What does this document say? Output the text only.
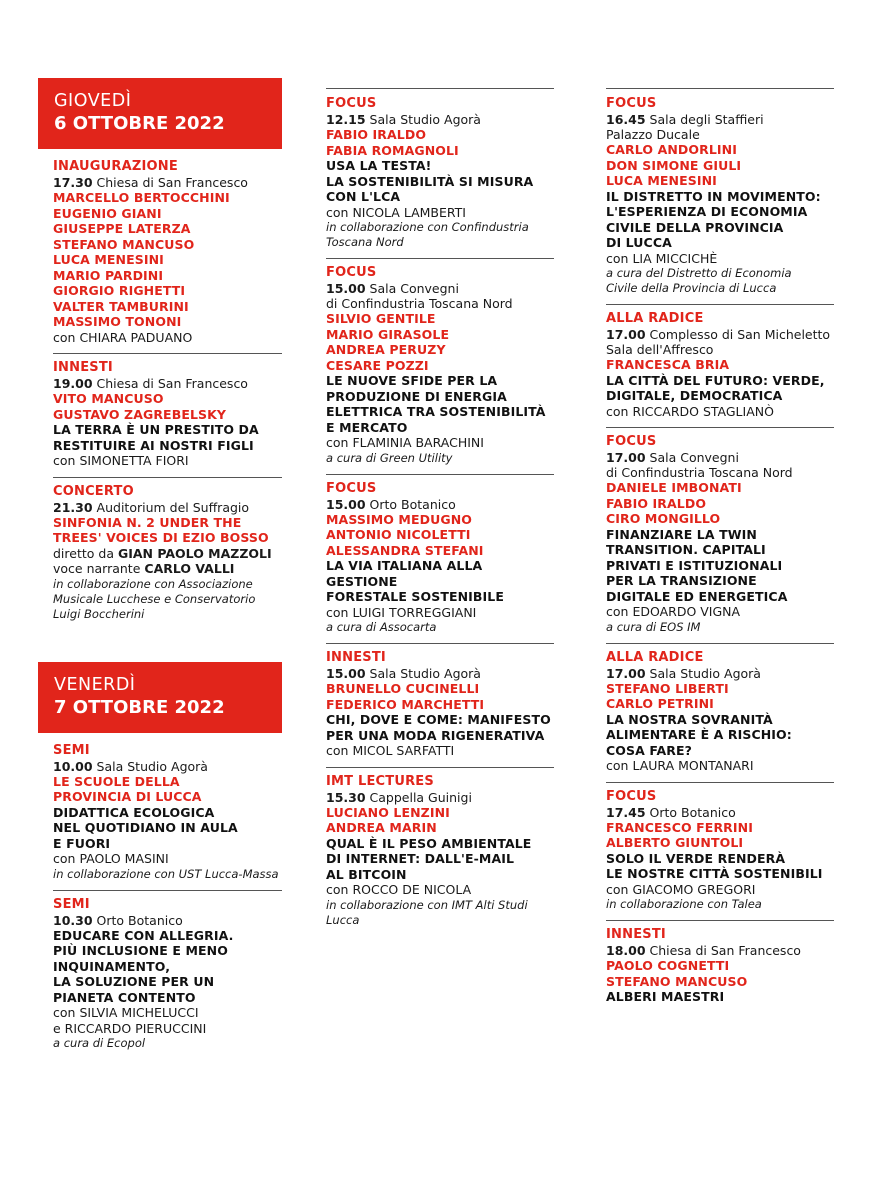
GIOVEDÌ
6 OTTOBRE 2022
INAUGURAZIONE
17.30 Chiesa di San Francesco
MARCELLO BERTOCCHINI
EUGENIO GIANI
GIUSEPPE LATERZA
STEFANO MANCUSO
LUCA MENESINI
MARIO PARDINI
GIORGIO RIGHETTI
VALTER TAMBURINI
MASSIMO TONONI
con CHIARA PADUANO
INNESTI
19.00 Chiesa di San Francesco
VITO MANCUSO
GUSTAVO ZAGREBELSKY
LA TERRA È UN PRESTITO DA
RESTITUIRE AI NOSTRI FIGLI
con SIMONETTA FIORI
CONCERTO
21.30 Auditorium del Suffragio
SINFONIA N. 2 UNDER THE
TREES' VOICES DI EZIO BOSSO
diretto da GIAN PAOLO MAZZOLI
voce narrante CARLO VALLI
in collaborazione con Associazione
Musicale Lucchese e Conservatorio
Luigi Boccherini
VENERDÌ
7 OTTOBRE 2022
SEMI
10.00 Sala Studio Agorà
LE SCUOLE DELLA
PROVINCIA DI LUCCA
DIDATTICA ECOLOGICA
NEL QUOTIDIANO IN AULA
E FUORI
con PAOLO MASINI
in collaborazione con UST Lucca-Massa
SEMI
10.30 Orto Botanico
EDUCARE CON ALLEGRIA.
PIÙ INCLUSIONE E MENO
INQUINAMENTO,
LA SOLUZIONE PER UN
PIANETA CONTENTO
con SILVIA MICHELUCCI
e RICCARDO PIERUCCINI
a cura di Ecopol
FOCUS
12.15 Sala Studio Agorà
FABIO IRALDO
FABIA ROMAGNOLI
USA LA TESTA!
LA SOSTENIBILITÀ SI MISURA
CON L'LCA
con NICOLA LAMBERTI
in collaborazione con Confindustria
Toscana Nord
FOCUS
15.00 Sala Convegni
di Confindustria Toscana Nord
SILVIO GENTILE
MARIO GIRASOLE
ANDREA PERUZY
CESARE POZZI
LE NUOVE SFIDE PER LA
PRODUZIONE DI ENERGIA
ELETTRICA TRA SOSTENIBILITÀ
E MERCATO
con FLAMINIA BARACHINI
a cura di Green Utility
FOCUS
15.00 Orto Botanico
MASSIMO MEDUGNO
ANTONIO NICOLETTI
ALESSANDRA STEFANI
LA VIA ITALIANA ALLA GESTIONE
FORESTALE SOSTENIBILE
con LUIGI TORREGGIANI
a cura di Assocarta
INNESTI
15.00 Sala Studio Agorà
BRUNELLO CUCINELLI
FEDERICO MARCHETTI
CHI, DOVE E COME: MANIFESTO
PER UNA MODA RIGENERATIVA
con MICOL SARFATTI
IMT LECTURES
15.30 Cappella Guinigi
LUCIANO LENZINI
ANDREA MARIN
QUAL È IL PESO AMBIENTALE
DI INTERNET: DALL'E-MAIL
AL BITCOIN
con ROCCO DE NICOLA
in collaborazione con IMT Alti Studi Lucca
FOCUS
16.45 Sala degli Staffieri
Palazzo Ducale
CARLO ANDORLINI
DON SIMONE GIULI
LUCA MENESINI
IL DISTRETTO IN MOVIMENTO:
L'ESPERIENZA DI ECONOMIA
CIVILE DELLA PROVINCIA
DI LUCCA
con LIA MICCICHÈ
a cura del Distretto di Economia
Civile della Provincia di Lucca
ALLA RADICE
17.00 Complesso di San Micheletto
Sala dell'Affresco
FRANCESCA BRIA
LA CITTÀ DEL FUTURO: VERDE,
DIGITALE, DEMOCRATICA
con RICCARDO STAGLIANÒ
FOCUS
17.00 Sala Convegni
di Confindustria Toscana Nord
DANIELE IMBONATI
FABIO IRALDO
CIRO MONGILLO
FINANZIARE LA TWIN
TRANSITION. CAPITALI
PRIVATI E ISTITUZIONALI
PER LA TRANSIZIONE
DIGITALE ED ENERGETICA
con EDOARDO VIGNA
a cura di EOS IM
ALLA RADICE
17.00 Sala Studio Agorà
STEFANO LIBERTI
CARLO PETRINI
LA NOSTRA SOVRANITÀ
ALIMENTARE È A RISCHIO:
COSA FARE?
con LAURA MONTANARI
FOCUS
17.45 Orto Botanico
FRANCESCO FERRINI
ALBERTO GIUNTOLI
SOLO IL VERDE RENDERÀ
LE NOSTRE CITTÀ SOSTENIBILI
con GIACOMO GREGORI
in collaborazione con Talea
INNESTI
18.00 Chiesa di San Francesco
PAOLO COGNETTI
STEFANO MANCUSO
ALBERI MAESTRI
